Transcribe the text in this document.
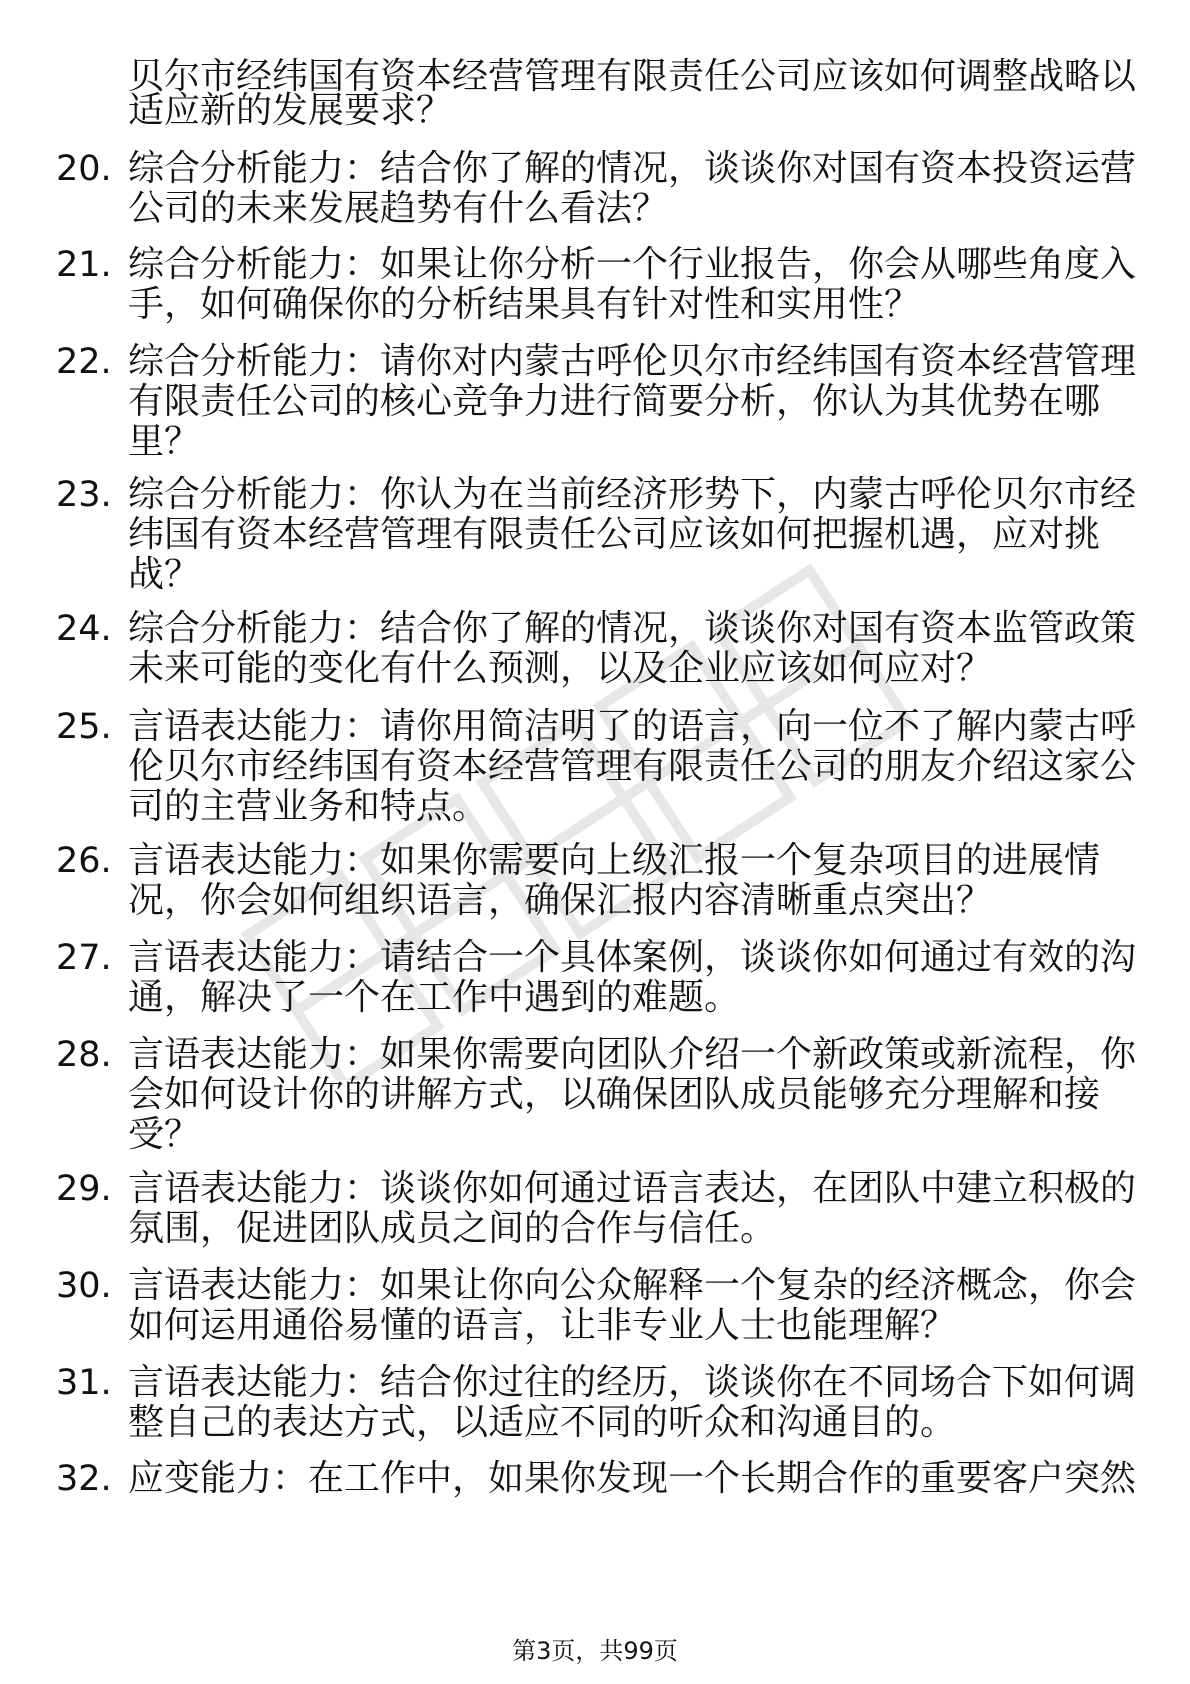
贝尔市经纬国有资本经营管理有限责任公司应该如何调整战略以
适应新的发展要求？
20. 综合分析能力：结合你了解的情况，谈谈你对国有资本投资运营
公司的未来发展趋势有什么看法？
21. 综合分析能力：如果让你分析一个行业报告，你会从哪些角度入
手，如何确保你的分析结果具有针对性和实用性？
22. 综合分析能力：请你对内蒙古呼伦贝尔市经纬国有资本经营管理
有限责任公司的核心竞争力进行简要分析，你认为其优势在哪
里？
23. 综合分析能力：你认为在当前经济形势下，内蒙古呼伦贝尔市经
纬国有资本经营管理有限责任公司应该如何把握机遇，应对挑
战？
24. 综合分析能力：结合你了解的情况，谈谈你对国有资本监管政策
未来可能的变化有什么预测，以及企业应该如何应对？
25. 言语表达能力：请你用简洁明了的语言，向一位不了解内蒙古呼
伦贝尔市经纬国有资本经营管理有限责任公司的朋友介绍这家公
司的主营业务和特点。
26. 言语表达能力：如果你需要向上级汇报一个复杂项目的进展情
况，你会如何组织语言，确保汇报内容清晰重点突出？
27. 言语表达能力：请结合一个具体案例，谈谈你如何通过有效的沟
通，解决了一个在工作中遇到的难题。
28. 言语表达能力：如果你需要向团队介绍一个新政策或新流程，你
会如何设计你的讲解方式，以确保团队成员能够充分理解和接
受？
29. 言语表达能力：谈谈你如何通过语言表达，在团队中建立积极的
氛围，促进团队成员之间的合作与信任。
30. 言语表达能力：如果让你向公众解释一个复杂的经济概念，你会
如何运用通俗易懂的语言，让非专业人士也能理解？
31. 言语表达能力：结合你过往的经历，谈谈你在不同场合下如何调
整自己的表达方式，以适应不同的听众和沟通目的。
32. 应变能力：在工作中，如果你发现一个长期合作的重要客户突然
第3页，共99页
